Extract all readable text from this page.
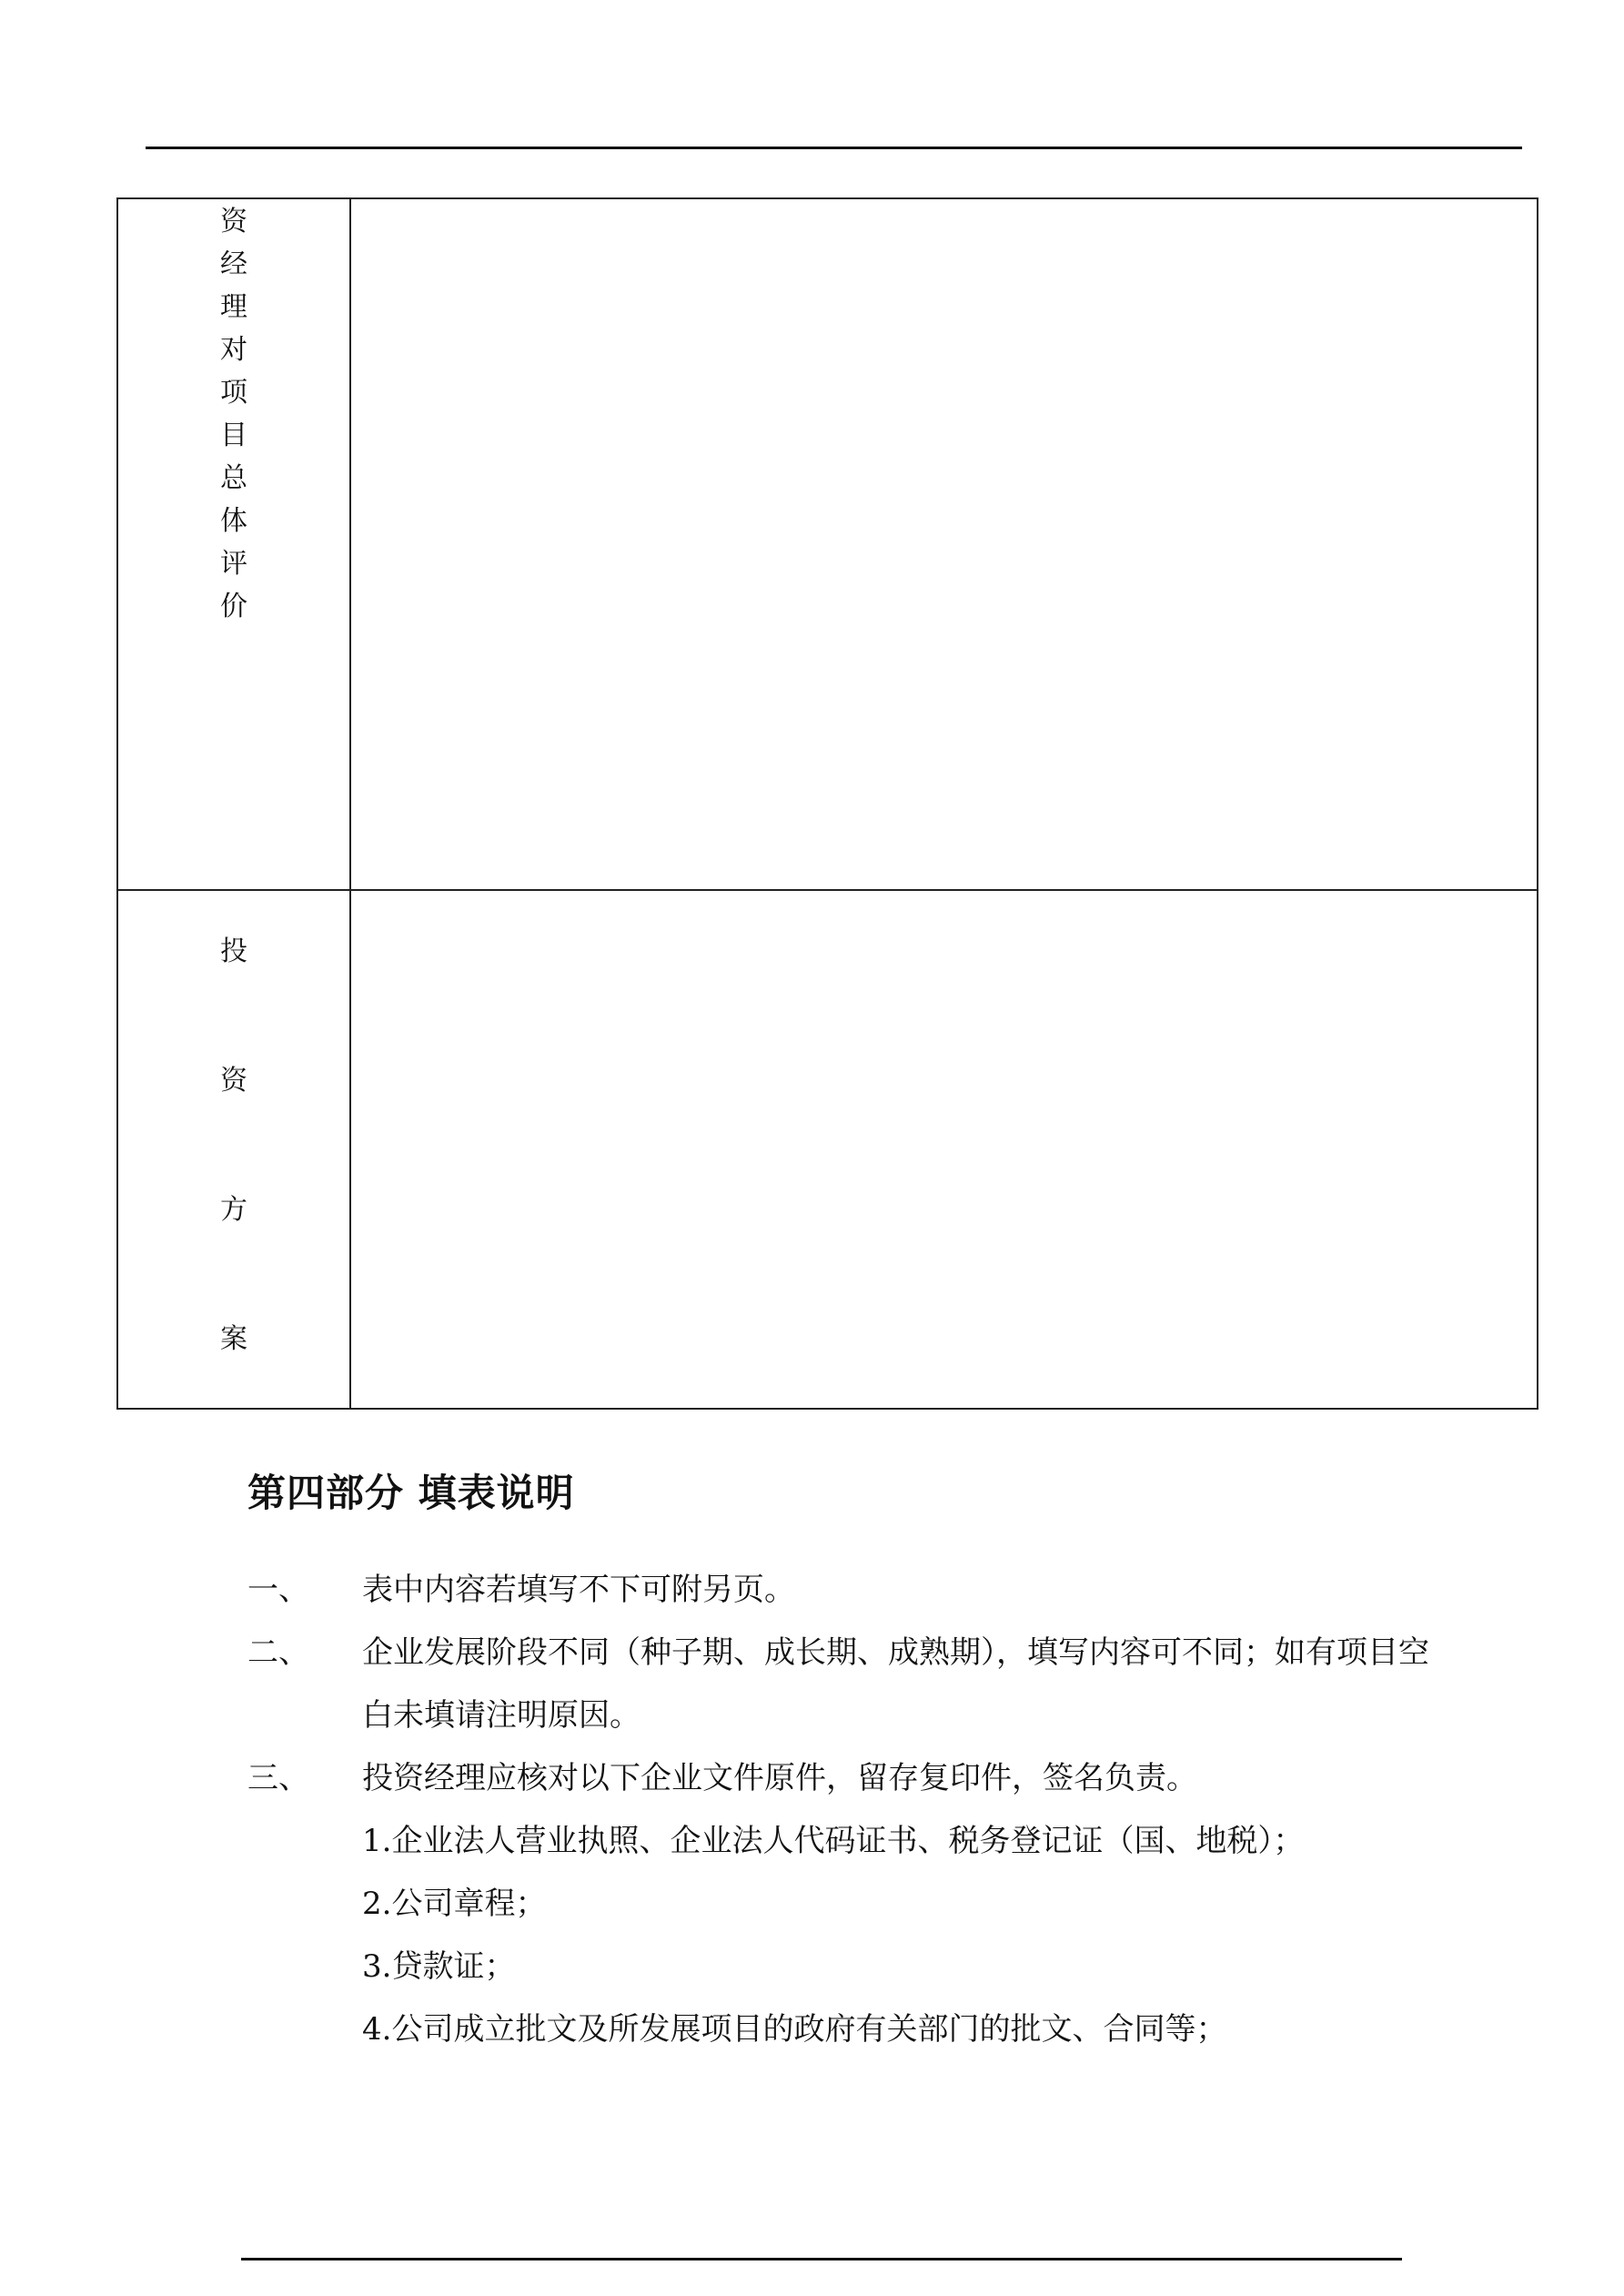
资
经
理
对
项
目
总
体
评
价
投
资
方
案
第四部分 填表说明
一、 表中内容若填写不下可附另页。
二、 企业发展阶段不同（种子期、成长期、成熟期），填写内容可不同；如有项目空
白未填请注明原因。
三、 投资经理应核对以下企业文件原件，留存复印件，签名负责。
1.企业法人营业执照、企业法人代码证书、税务登记证（国、地税）；
2.公司章程；
3.贷款证；
4.公司成立批文及所发展项目的政府有关部门的批文、合同等；
